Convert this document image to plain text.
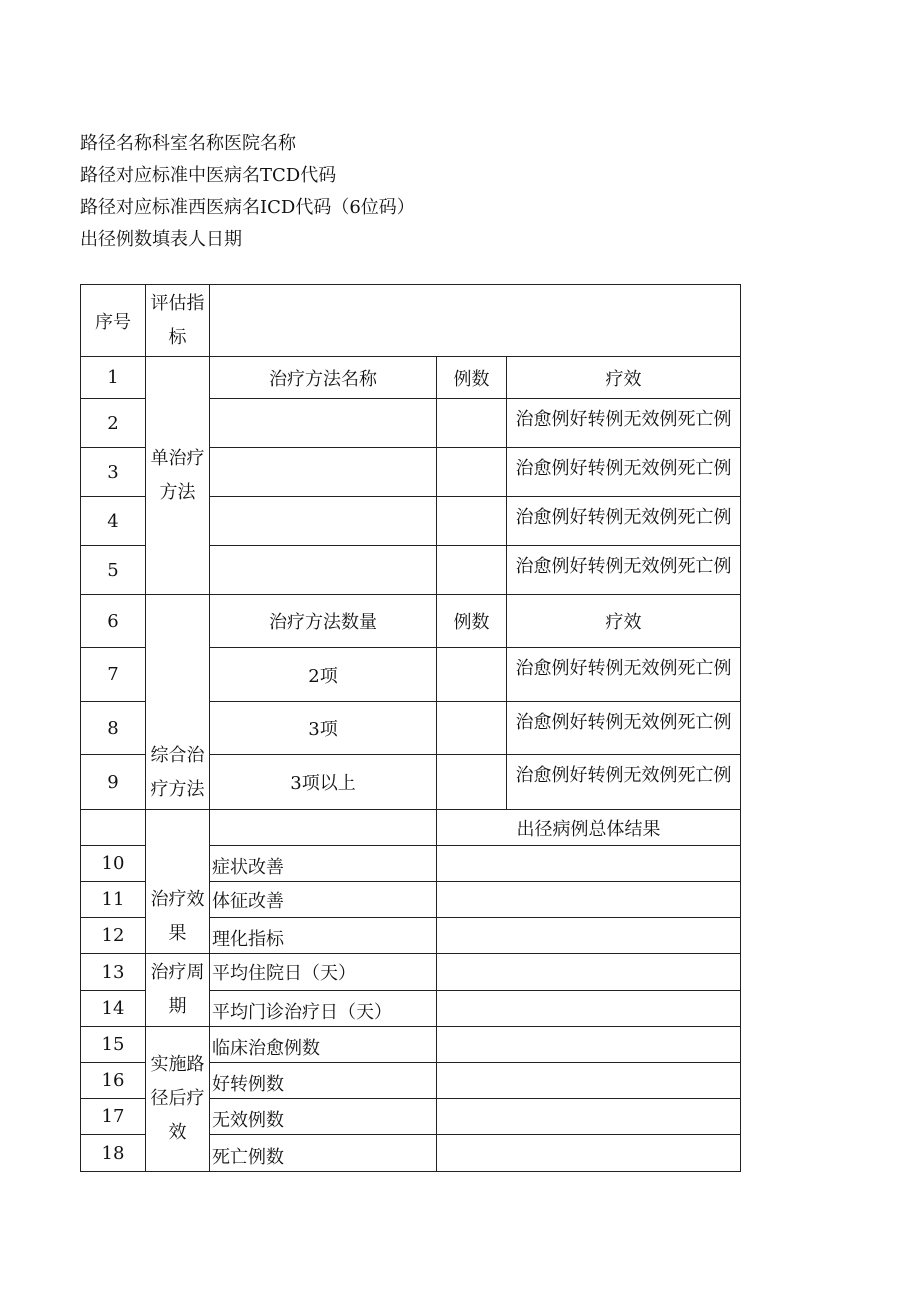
路径名称科室名称医院名称
路径对应标准中医病名TCD代码
路径对应标准西医病名ICD代码（6位码）
出径例数填表人日期
序号	评估指标			
1	单治疗方法	治疗方法名称	例数	疗效
2				治愈例好转例无效例死亡例
3				治愈例好转例无效例死亡例
4				治愈例好转例无效例死亡例
5				治愈例好转例无效例死亡例
6	综合治疗方法	治疗方法数量	例数	疗效
7		2项		治愈例好转例无效例死亡例
8		3项		治愈例好转例无效例死亡例
9		3项以上		治愈例好转例无效例死亡例
	治疗效果		出径病例总体结果	
10		症状改善		
11		体征改善		
12		理化指标		
13	治疗周期	平均住院日（天）		
14		平均门诊治疗日（天）		
15	实施路径后疗效	临床治愈例数		
16		好转例数		
17		无效例数		
18		死亡例数		
